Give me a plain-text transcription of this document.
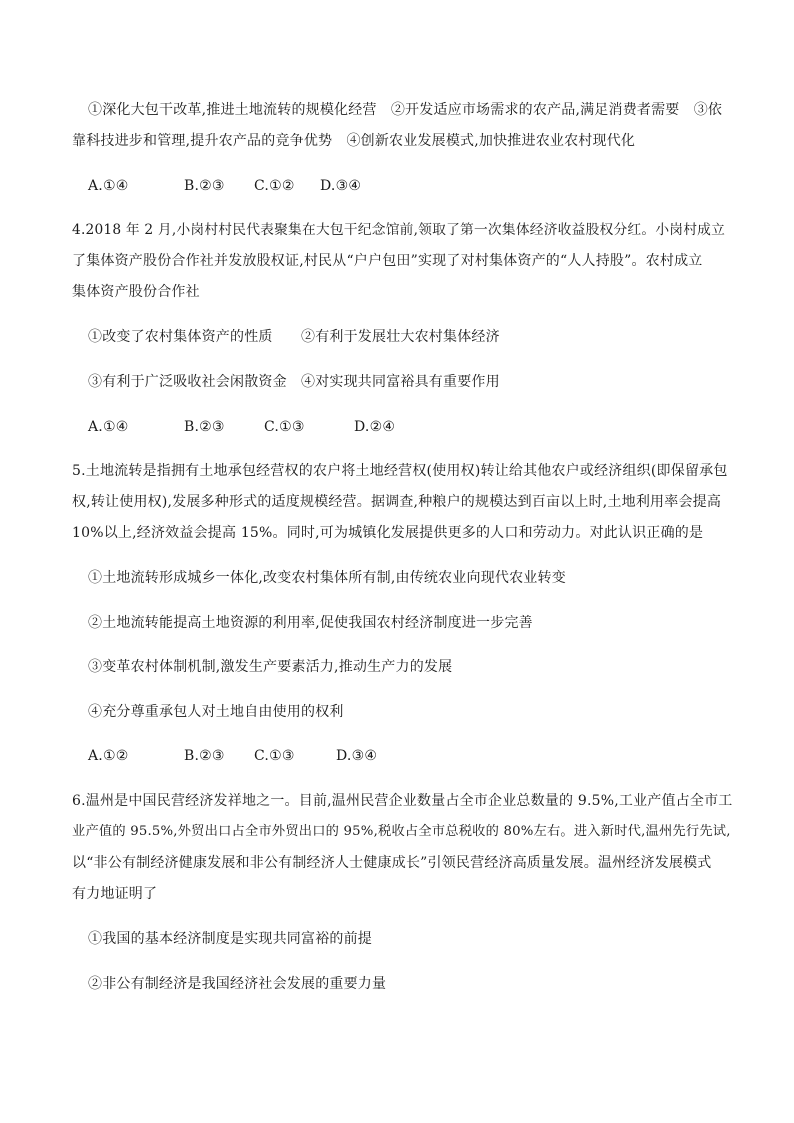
①深化大包干改革,推进土地流转的规模化经营　②开发适应市场需求的农产品,满足消费者需要　③依
靠科技进步和管理,提升农产品的竞争优势　④创新农业发展模式,加快推进农业农村现代化
A.①④	B.②③ C.①② D.③④
4.2018 年 2 月,小岗村村民代表聚集在大包干纪念馆前,领取了第一次集体经济收益股权分红。小岗村成立
了集体资产股份合作社并发放股权证,村民从“户户包田”实现了对村集体资产的“人人持股”。农村成立
集体资产股份合作社
①改变了农村集体资产的性质　　②有利于发展壮大农村集体经济
③有利于广泛吸收社会闲散资金　④对实现共同富裕具有重要作用
A.①④	B.②③	C.①③	D.②④
5.土地流转是指拥有土地承包经营权的农户将土地经营权(使用权)转让给其他农户或经济组织(即保留承包
权,转让使用权),发展多种形式的适度规模经营。据调查,种粮户的规模达到百亩以上时,土地利用率会提高
10%以上,经济效益会提高 15%。同时,可为城镇化发展提供更多的人口和劳动力。对此认识正确的是
①土地流转形成城乡一体化,改变农村集体所有制,由传统农业向现代农业转变
②土地流转能提高土地资源的利用率,促使我国农村经济制度进一步完善
③变革农村体制机制,激发生产要素活力,推动生产力的发展
④充分尊重承包人对土地自由使用的权利
A.①②	B.②③ C.①③	D.③④
6.温州是中国民营经济发祥地之一。目前,温州民营企业数量占全市企业总数量的 9.5%,工业产值占全市工
业产值的 95.5%,外贸出口占全市外贸出口的 95%,税收占全市总税收的 80%左右。进入新时代,温州先行先试,
以“非公有制经济健康发展和非公有制经济人士健康成长”引领民营经济高质量发展。温州经济发展模式
有力地证明了
①我国的基本经济制度是实现共同富裕的前提
②非公有制经济是我国经济社会发展的重要力量
